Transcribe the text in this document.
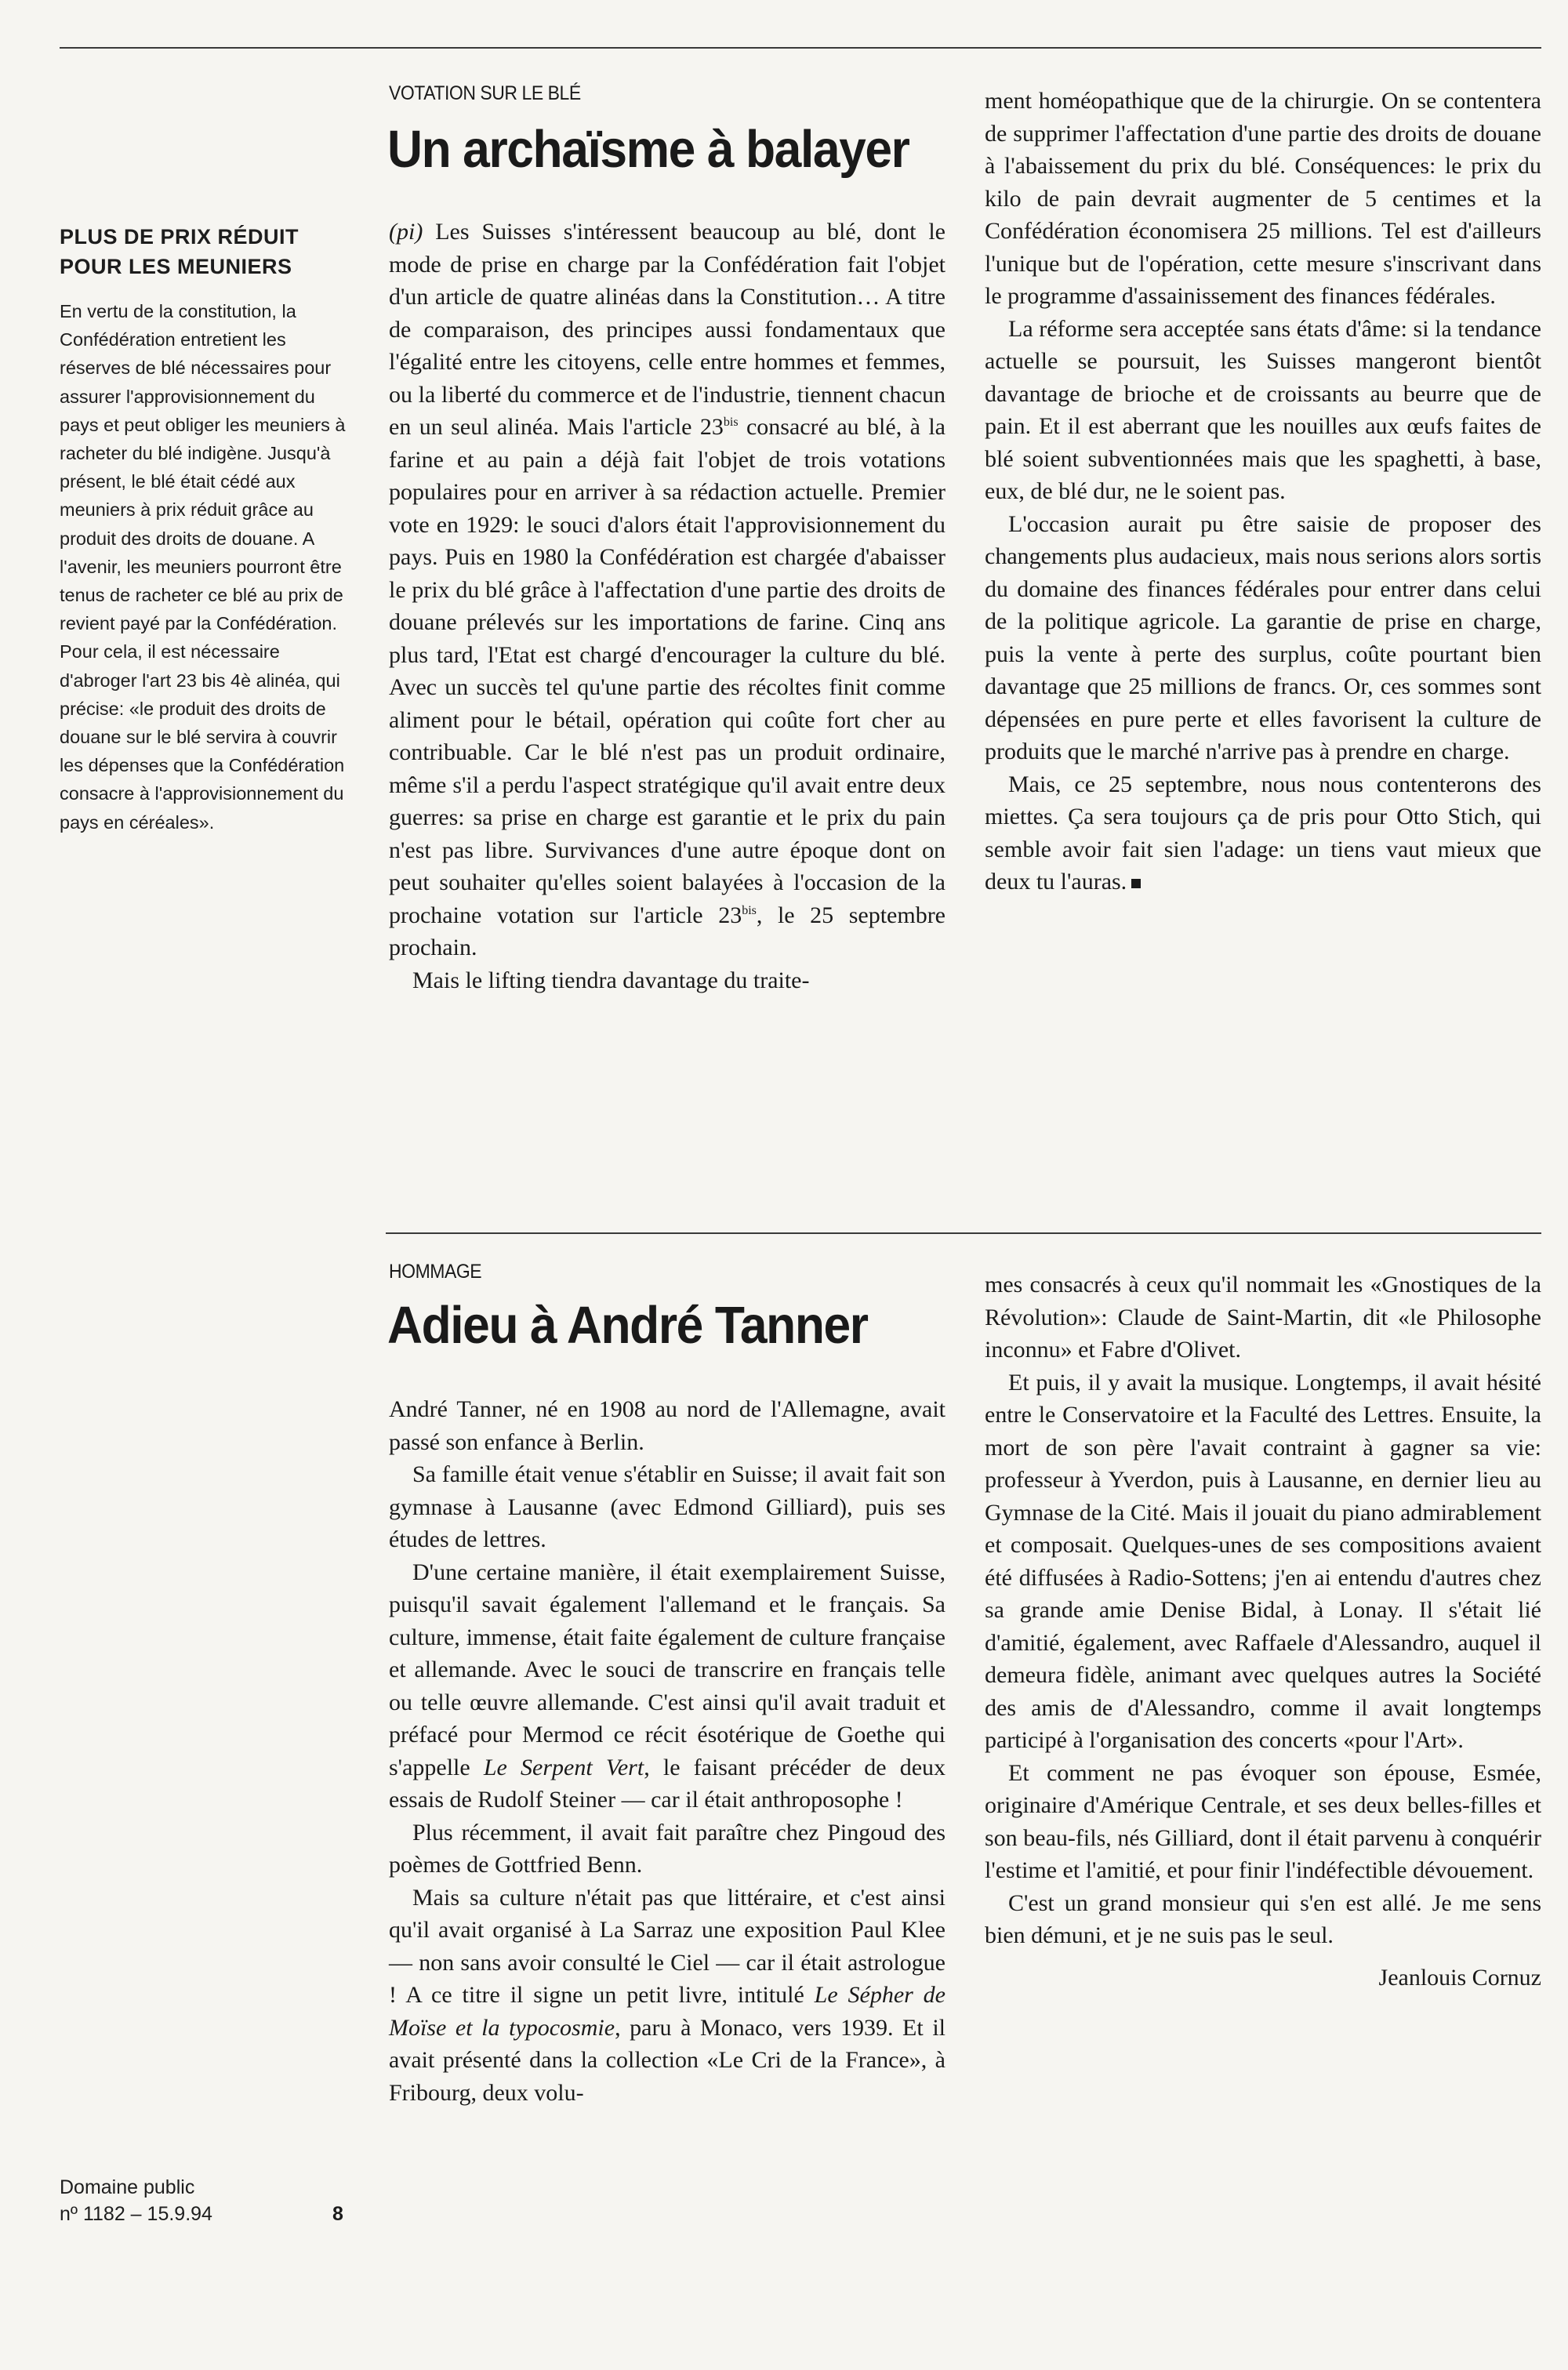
PLUS DE PRIX RÉDUIT POUR LES MEUNIERS

En vertu de la constitution, la Confédération entretient les réserves de blé nécessaires pour assurer l'approvisionnement du pays et peut obliger les meuniers à racheter du blé indigène. Jusqu'à présent, le blé était cédé aux meuniers à prix réduit grâce au produit des droits de douane. A l'avenir, les meuniers pourront être tenus de racheter ce blé au prix de revient payé par la Confédération. Pour cela, il est nécessaire d'abroger l'art 23 bis 4è alinéa, qui précise: «le produit des droits de douane sur le blé servira à couvrir les dépenses que la Confédération consacre à l'approvisionnement du pays en céréales».

Domaine public
nº 1182 – 15.9.94	8
VOTATION SUR LE BLÉ
Un archaïsme à balayer

(pi) Les Suisses s'intéressent beaucoup au blé, dont le mode de prise en charge par la Confédération fait l'objet d'un article de quatre alinéas dans la Constitution… A titre de comparaison, des principes aussi fondamentaux que l'égalité entre les citoyens, celle entre hommes et femmes, ou la liberté du commerce et de l'industrie, tiennent chacun en un seul alinéa. Mais l'article $23^{bis}$ consacré au blé, à la farine et au pain a déjà fait l'objet de trois votations populaires pour en arriver à sa rédaction actuelle. Premier vote en 1929: le souci d'alors était l'approvisionnement du pays. Puis en 1980 la Confédération est chargée d'abaisser le prix du blé grâce à l'affectation d'une partie des droits de douane prélevés sur les importations de farine. Cinq ans plus tard, l'Etat est chargé d'encourager la culture du blé. Avec un succès tel qu'une partie des récoltes finit comme aliment pour le bétail, opération qui coûte fort cher au contribuable. Car le blé n'est pas un produit ordinaire, même s'il a perdu l'aspect stratégique qu'il avait entre deux guerres: sa prise en charge est garantie et le prix du pain n'est pas libre. Survivances d'une autre époque dont on peut souhaiter qu'elles soient balayées à l'occasion de la prochaine votation sur l'article $23^{bis}$, le 25 septembre prochain.

Mais le lifting tiendra davantage du traite-

ment homéopathique que de la chirurgie. On se contentera de supprimer l'affectation d'une partie des droits de douane à l'abaissement du prix du blé. Conséquences: le prix du kilo de pain devrait augmenter de 5 centimes et la Confédération économisera 25 millions. Tel est d'ailleurs l'unique but de l'opération, cette mesure s'inscrivant dans le programme d'assainissement des finances fédérales.

La réforme sera acceptée sans états d'âme: si la tendance actuelle se poursuit, les Suisses mangeront bientôt davantage de brioche et de croissants au beurre que de pain. Et il est aberrant que les nouilles aux œufs faites de blé soient subventionnées mais que les spaghetti, à base, eux, de blé dur, ne le soient pas.

L'occasion aurait pu être saisie de proposer des changements plus audacieux, mais nous serions alors sortis du domaine des finances fédérales pour entrer dans celui de la politique agricole. La garantie de prise en charge, puis la vente à perte des surplus, coûte pourtant bien davantage que 25 millions de francs. Or, ces sommes sont dépensées en pure perte et elles favorisent la culture de produits que le marché n'arrive pas à prendre en charge.

Mais, ce 25 septembre, nous nous contenterons des miettes. Ça sera toujours ça de pris pour Otto Stich, qui semble avoir fait sien l'adage: un tiens vaut mieux que deux tu l'auras.

HOMMAGE
Adieu à André Tanner

André Tanner, né en 1908 au nord de l'Allemagne, avait passé son enfance à Berlin.

Sa famille était venue s'établir en Suisse; il avait fait son gymnase à Lausanne (avec Edmond Gilliard), puis ses études de lettres.

D'une certaine manière, il était exemplairement Suisse, puisqu'il savait également l'allemand et le français. Sa culture, immense, était faite également de culture française et allemande. Avec le souci de transcrire en français telle ou telle œuvre allemande. C'est ainsi qu'il avait traduit et préfacé pour Mermod ce récit ésotérique de Goethe qui s'appelle Le Serpent Vert, le faisant précéder de deux essais de Rudolf Steiner — car il était anthroposophe !

Plus récemment, il avait fait paraître chez Pingoud des poèmes de Gottfried Benn.

Mais sa culture n'était pas que littéraire, et c'est ainsi qu'il avait organisé à La Sarraz une exposition Paul Klee — non sans avoir consulté le Ciel — car il était astrologue ! A ce titre il signe un petit livre, intitulé Le Sépher de Moïse et la typocosmie, paru à Monaco, vers 1939. Et il avait présenté dans la collection «Le Cri de la France», à Fribourg, deux volu-

mes consacrés à ceux qu'il nommait les «Gnostiques de la Révolution»: Claude de Saint-Martin, dit «le Philosophe inconnu» et Fabre d'Olivet.

Et puis, il y avait la musique. Longtemps, il avait hésité entre le Conservatoire et la Faculté des Lettres. Ensuite, la mort de son père l'avait contraint à gagner sa vie: professeur à Yverdon, puis à Lausanne, en dernier lieu au Gymnase de la Cité. Mais il jouait du piano admirablement et composait. Quelques-unes de ses compositions avaient été diffusées à Radio-Sottens; j'en ai entendu d'autres chez sa grande amie Denise Bidal, à Lonay. Il s'était lié d'amitié, également, avec Raffaele d'Alessandro, auquel il demeura fidèle, animant avec quelques autres la Société des amis de d'Alessandro, comme il avait longtemps participé à l'organisation des concerts «pour l'Art».

Et comment ne pas évoquer son épouse, Esmée, originaire d'Amérique Centrale, et ses deux belles-filles et son beau-fils, nés Gilliard, dont il était parvenu à conquérir l'estime et l'amitié, et pour finir l'indéfectible dévouement.

C'est un grand monsieur qui s'en est allé. Je me sens bien démuni, et je ne suis pas le seul.

Jeanlouis Cornuz
